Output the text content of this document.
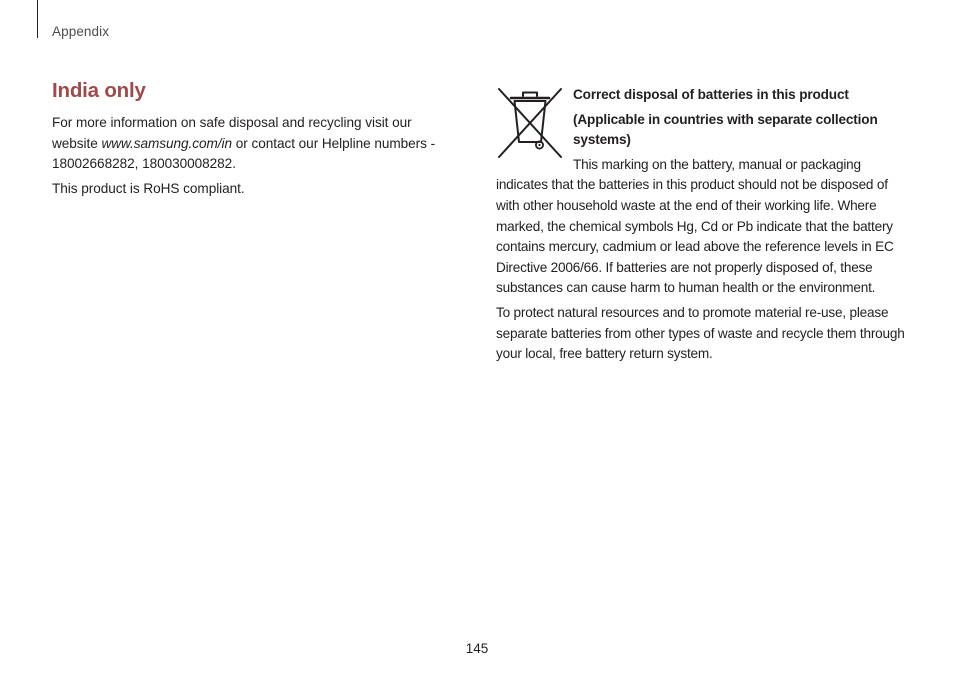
Appendix
India only

For more information on safe disposal and recycling visit our website www.samsung.com/in or contact our Helpline numbers - 18002668282, 180030008282.

This product is RoHS compliant.

Correct disposal of batteries in this product
(Applicable in countries with separate collection systems)

This marking on the battery, manual or packaging indicates that the batteries in this product should not be disposed of with other household waste at the end of their working life. Where marked, the chemical symbols Hg, Cd or Pb indicate that the battery contains mercury, cadmium or lead above the reference levels in EC Directive 2006/66. If batteries are not properly disposed of, these substances can cause harm to human health or the environment.

To protect natural resources and to promote material re-use, please separate batteries from other types of waste and recycle them through your local, free battery return system.

145
